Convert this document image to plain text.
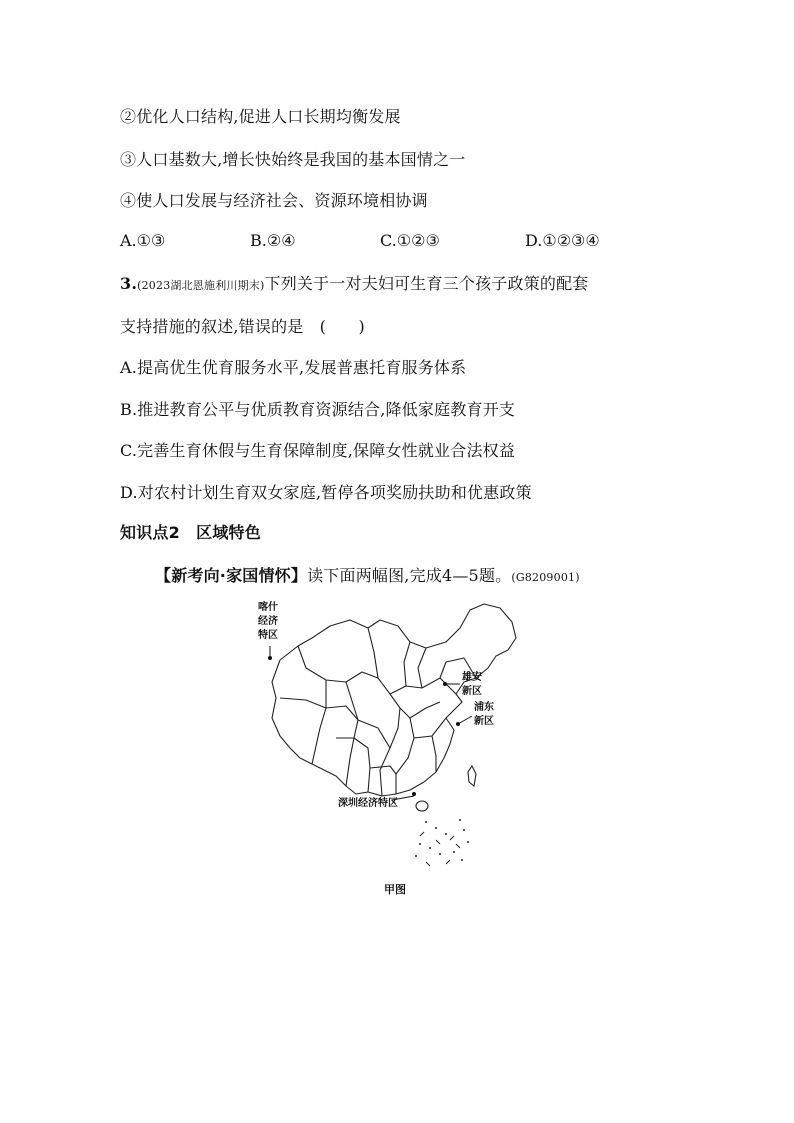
②优化人口结构,促进人口长期均衡发展
③人口基数大,增长快始终是我国的基本国情之一
④使人口发展与经济社会、资源环境相协调
A.①③	B.②④	C.①②③	D.①②③④
3.(2023湖北恩施利川期末)下列关于一对夫妇可生育三个孩子政策的配套
支持措施的叙述,错误的是　(　　)
A.提高优生优育服务水平,发展普惠托育服务体系
B.推进教育公平与优质教育资源结合,降低家庭教育开支
C.完善生育休假与生育保障制度,保障女性就业合法权益
D.对农村计划生育双女家庭,暂停各项奖励扶助和优惠政策
知识点2　区域特色
【新考向·家国情怀】读下面两幅图,完成4—5题。(G8209001)
喀什
经济
特区
雄安
新区
浦东
新区
深圳经济特区
甲图
